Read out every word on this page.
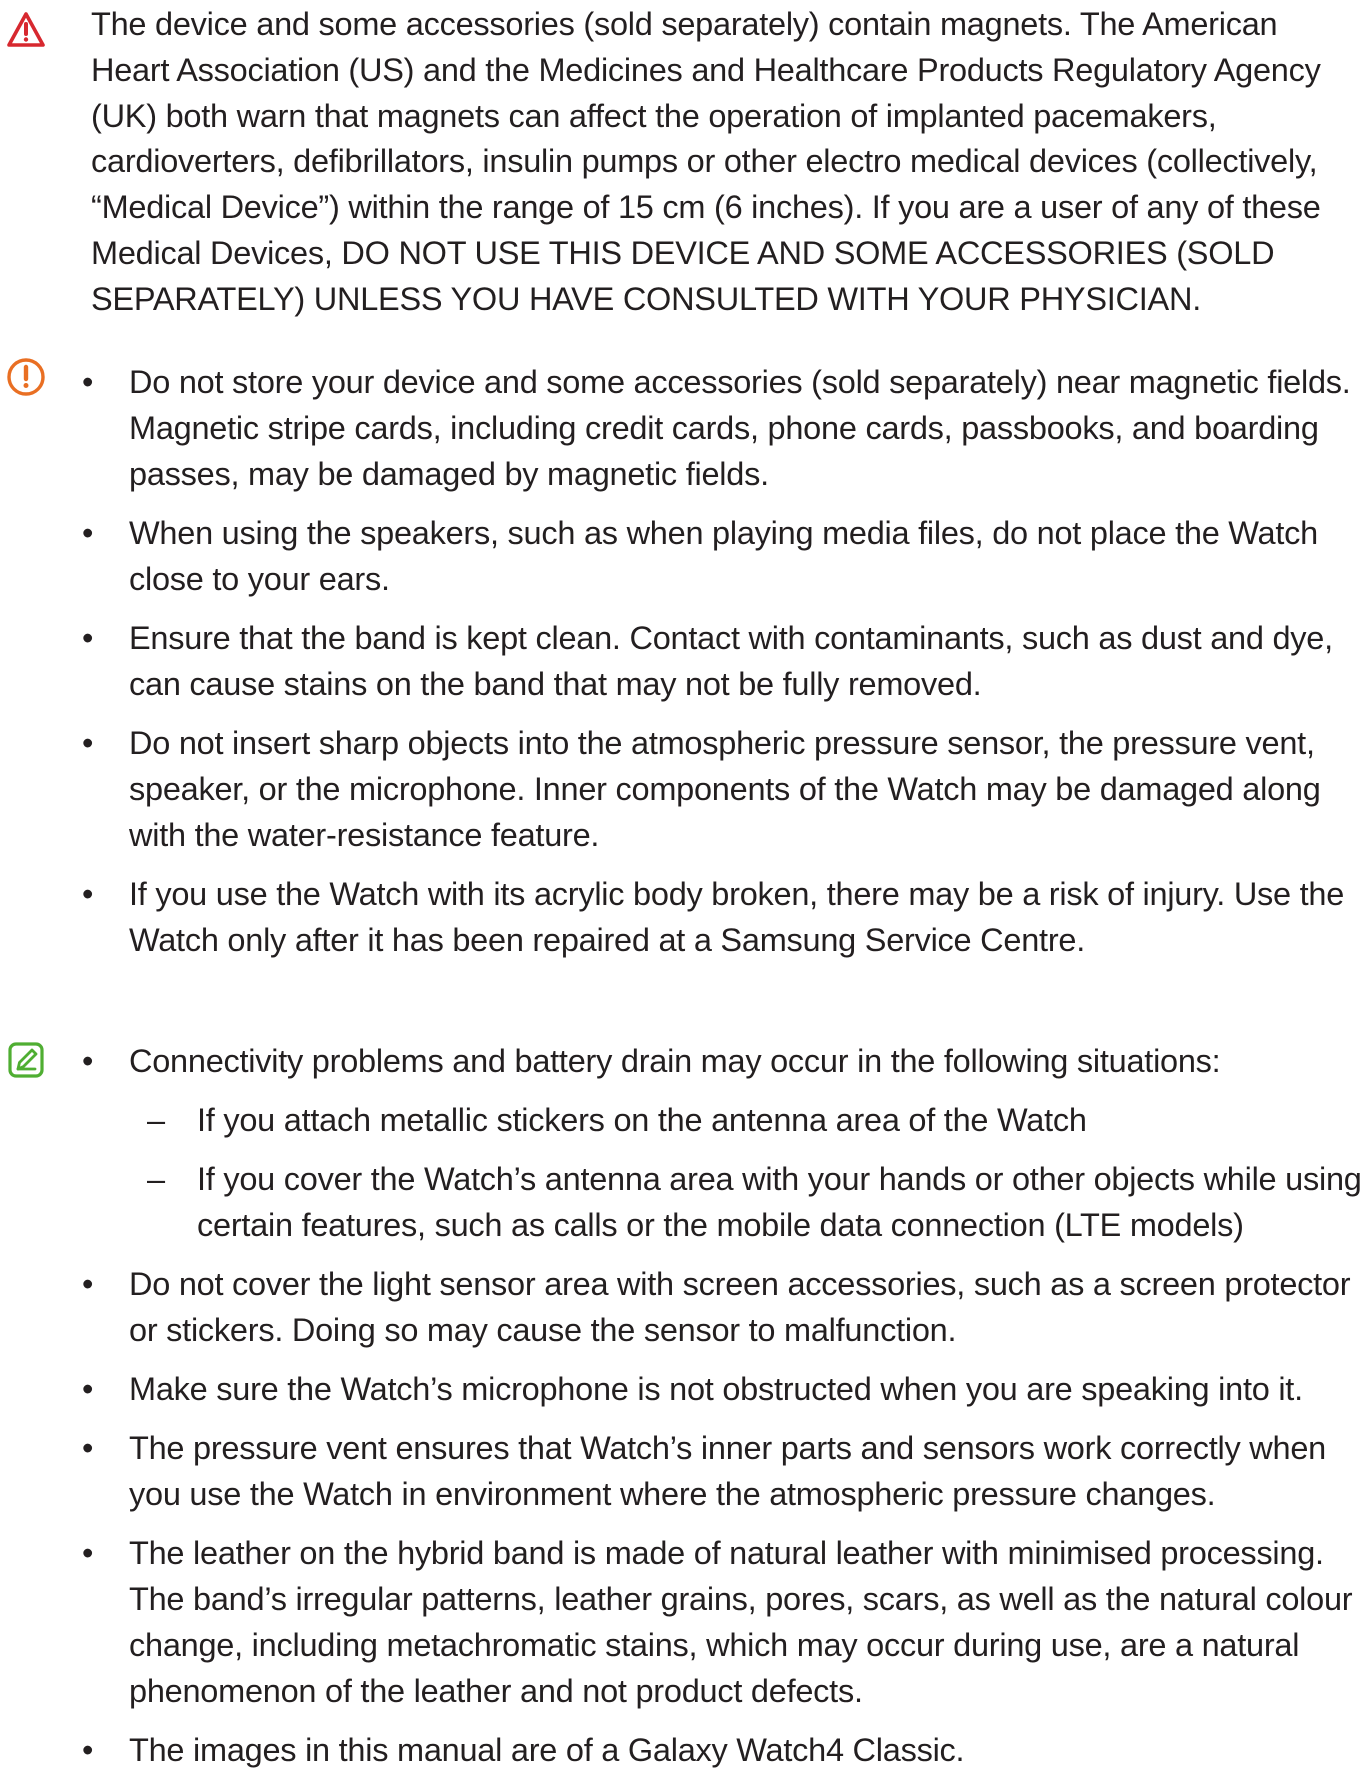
The device and some accessories (sold separately) contain magnets. The American Heart Association (US) and the Medicines and Healthcare Products Regulatory Agency (UK) both warn that magnets can affect the operation of implanted pacemakers, cardioverters, defibrillators, insulin pumps or other electro medical devices (collectively, “Medical Device”) within the range of 15 cm (6 inches). If you are a user of any of these Medical Devices, DO NOT USE THIS DEVICE AND SOME ACCESSORIES (SOLD SEPARATELY) UNLESS YOU HAVE CONSULTED WITH YOUR PHYSICIAN.
• Do not store your device and some accessories (sold separately) near magnetic fields. Magnetic stripe cards, including credit cards, phone cards, passbooks, and boarding passes, may be damaged by magnetic fields.
• When using the speakers, such as when playing media files, do not place the Watch close to your ears.
• Ensure that the band is kept clean. Contact with contaminants, such as dust and dye, can cause stains on the band that may not be fully removed.
• Do not insert sharp objects into the atmospheric pressure sensor, the pressure vent, speaker, or the microphone. Inner components of the Watch may be damaged along with the water-resistance feature.
• If you use the Watch with its acrylic body broken, there may be a risk of injury. Use the Watch only after it has been repaired at a Samsung Service Centre.
• Connectivity problems and battery drain may occur in the following situations:
– If you attach metallic stickers on the antenna area of the Watch
– If you cover the Watch’s antenna area with your hands or other objects while using certain features, such as calls or the mobile data connection (LTE models)
• Do not cover the light sensor area with screen accessories, such as a screen protector or stickers. Doing so may cause the sensor to malfunction.
• Make sure the Watch’s microphone is not obstructed when you are speaking into it.
• The pressure vent ensures that Watch’s inner parts and sensors work correctly when you use the Watch in environment where the atmospheric pressure changes.
• The leather on the hybrid band is made of natural leather with minimised processing. The band’s irregular patterns, leather grains, pores, scars, as well as the natural colour change, including metachromatic stains, which may occur during use, are a natural phenomenon of the leather and not product defects.
• The images in this manual are of a Galaxy Watch4 Classic.
